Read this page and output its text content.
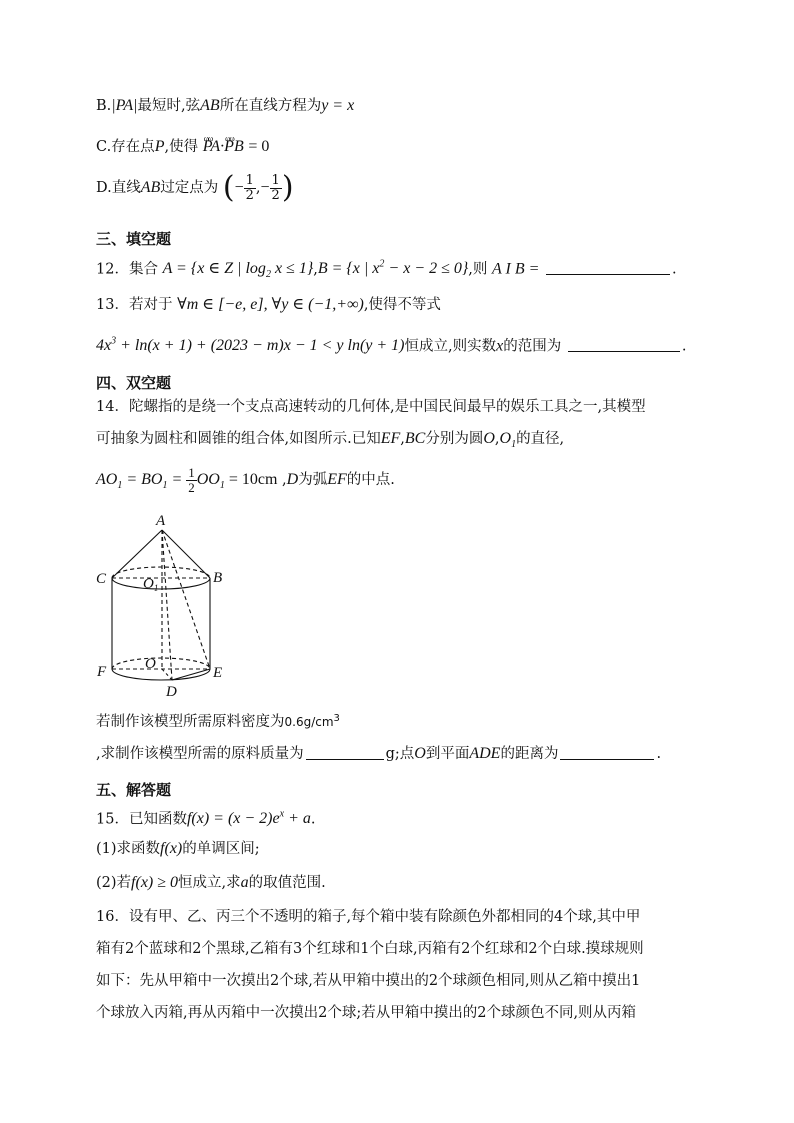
B.|PA|最短时,弦AB所在直线方程为y = x
C.存在点P,使得 ωω PA·ωω PB = 0
D.直线AB过定点为 (− $\frac{1}{2}$ ,− $\frac{1}{2}$ )
三、填空题
12．集合 A = {x ∈ Z | $\log_2 x \le 1\},B = \{x$ | $x^2 - x - 2 \le 0$},则 A I B =	.
13．若对于 ∀m ∈ [−e, e], ∀y ∈ (−1,+∞),使得不等式
$4x^3 + \ln(x + 1) + (2023 - m)x - 1 < y$ ln(y + 1)恒成立,则实数x的范围为	.
四、双空题
14．陀螺指的是绕一个支点高速转动的几何体,是中国民间最早的娱乐工具之一,其模型
可抽象为圆柱和圆锥的组合体,如图所示.已知EF,BC分别为圆$O,O_1$的直径,
$AO_1 = BO_1 = \frac{1}{2} OO_1 = 10cm$ ,D为弧EF的中点.
A
B
C $O_1$
O
F	E
D
若制作该模型所需原料密度为$0.6g/cm^3$
,求制作该模型所需的原料质量为	g;点O到平面ADE的距离为	.
五、解答题
15．已知函数$f(x) = (x - 2)e^x + a$.
(1)求函数f(x)的单调区间;
(2)若f(x) ≥ 0恒成立,求a的取值范围.
16．设有甲、乙、丙三个不透明的箱子,每个箱中装有除颜色外都相同的4个球,其中甲
箱有2个蓝球和2个黑球,乙箱有3个红球和1个白球,丙箱有2个红球和2个白球.摸球规则
如下：先从甲箱中一次摸出2个球,若从甲箱中摸出的2个球颜色相同,则从乙箱中摸出1
个球放入丙箱,再从丙箱中一次摸出2个球;若从甲箱中摸出的2个球颜色不同,则从丙箱
